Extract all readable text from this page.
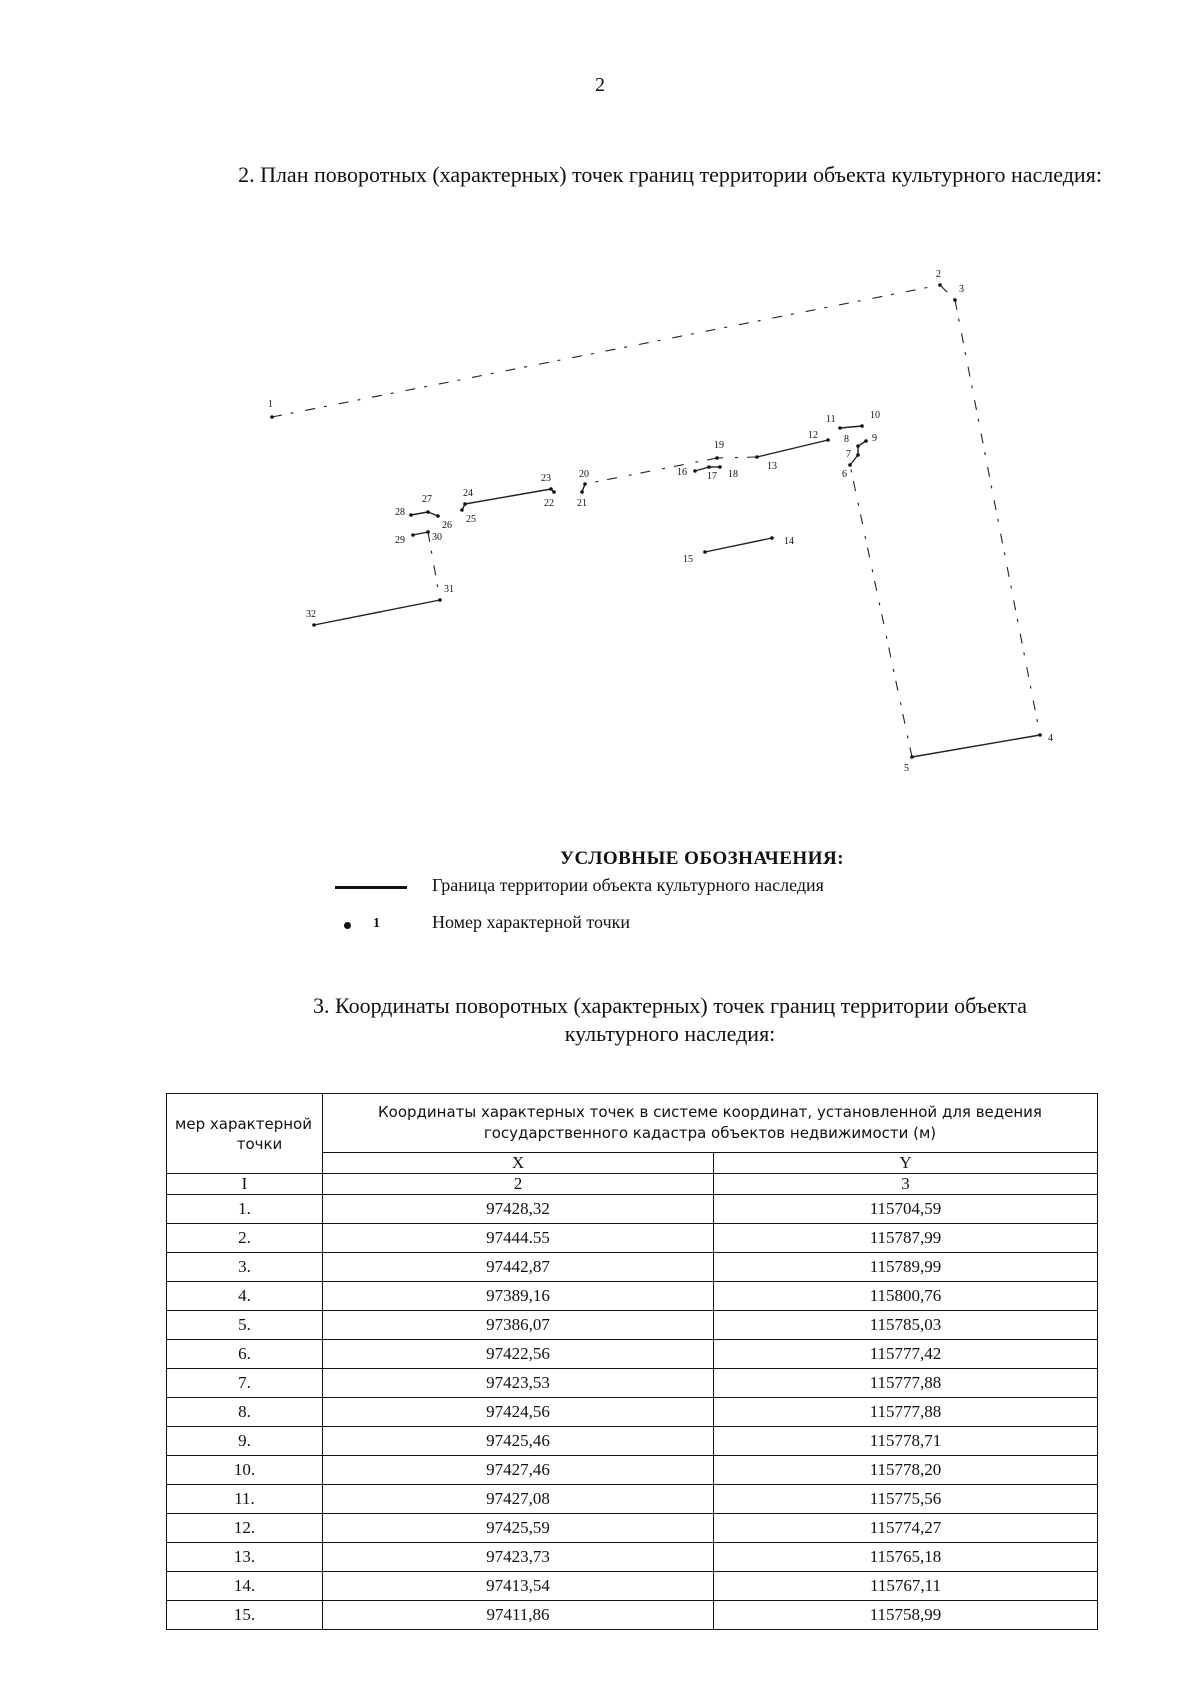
2
2. План поворотных (характерных) точек границ территории объекта культурного наследия:
1
2
3
4
5
6
7
8 9
10
11
12
13
14
15
16 17 18
19
20
21
22
23
24
25
26
27
28
29	30
31
32
УСЛОВНЫЕ ОБОЗНАЧЕНИЯ:
Граница территории объекта культурного наследия
1	Номер характерной точки
3. Координаты поворотных (характерных) точек границ территории объекта культурного наследия:
мер характерной
точки	Координаты характерных точек в системе координат, установленной для ведения государственного кадастра объектов недвижимости (м)	
	X	Y
I	2	3
1.	97428,32	115704,59
2.	97444.55	115787,99
3.	97442,87	115789,99
4.	97389,16	115800,76
5.	97386,07	115785,03
6.	97422,56	115777,42
7.	97423,53	115777,88
8.	97424,56	115777,88
9.	97425,46	115778,71
10.	97427,46	115778,20
11.	97427,08	115775,56
12.	97425,59	115774,27
13.	97423,73	115765,18
14.	97413,54	115767,11
15.	97411,86	115758,99
